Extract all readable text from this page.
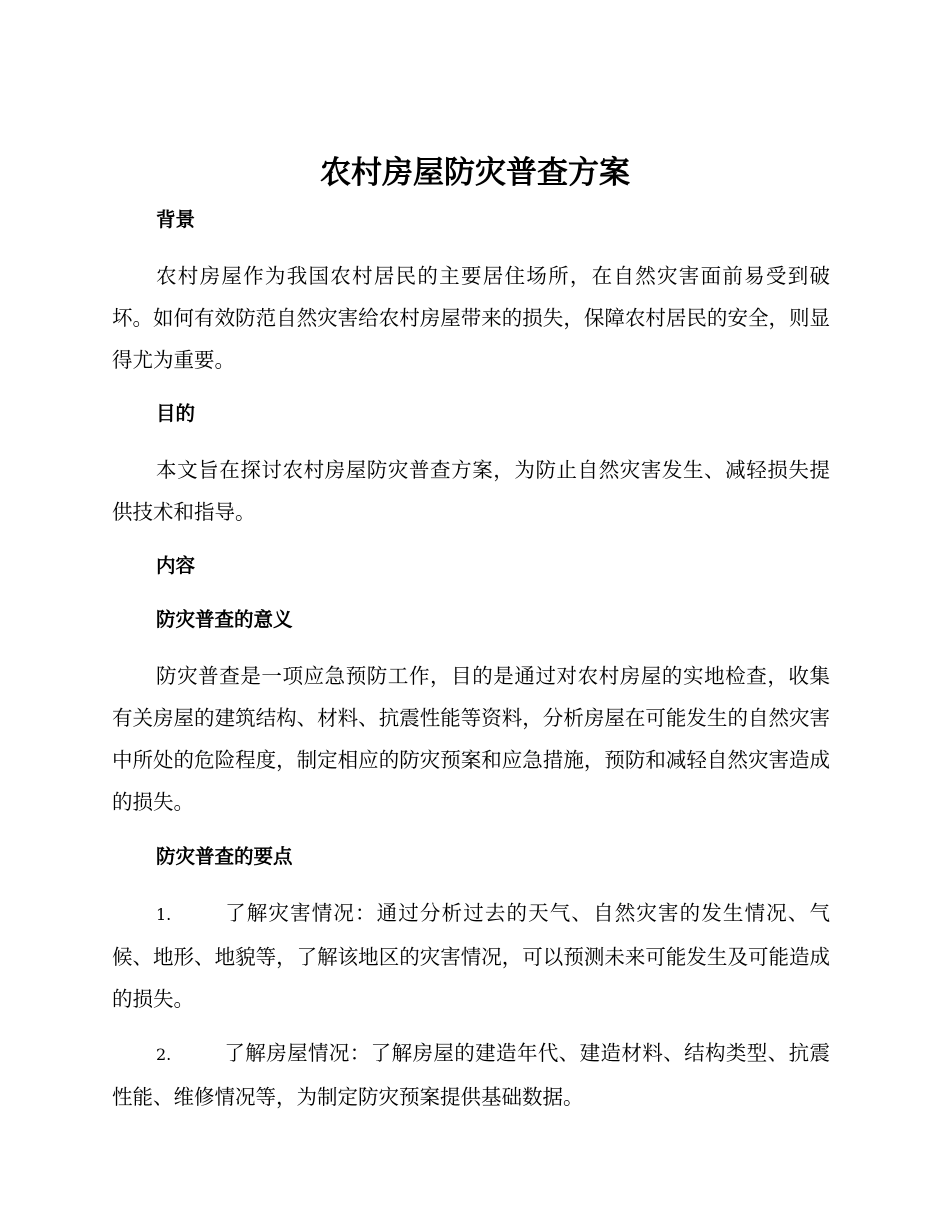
农村房屋防灾普查方案
背景

农村房屋作为我国农村居民的主要居住场所，在自然灾害面前易受到破坏。如何有效防范自然灾害给农村房屋带来的损失，保障农村居民的安全，则显得尤为重要。

目的

本文旨在探讨农村房屋防灾普查方案，为防止自然灾害发生、减轻损失提供技术和指导。

内容
防灾普查的意义

防灾普查是一项应急预防工作，目的是通过对农村房屋的实地检查，收集有关房屋的建筑结构、材料、抗震性能等资料，分析房屋在可能发生的自然灾害中所处的危险程度，制定相应的防灾预案和应急措施，预防和减轻自然灾害造成的损失。

防灾普查的要点

1.	了解灾害情况：通过分析过去的天气、自然灾害的发生情况、气候、地形、地貌等，了解该地区的灾害情况，可以预测未来可能发生及可能造成的损失。

2.	了解房屋情况：了解房屋的建造年代、建造材料、结构类型、抗震性能、维修情况等，为制定防灾预案提供基础数据。
